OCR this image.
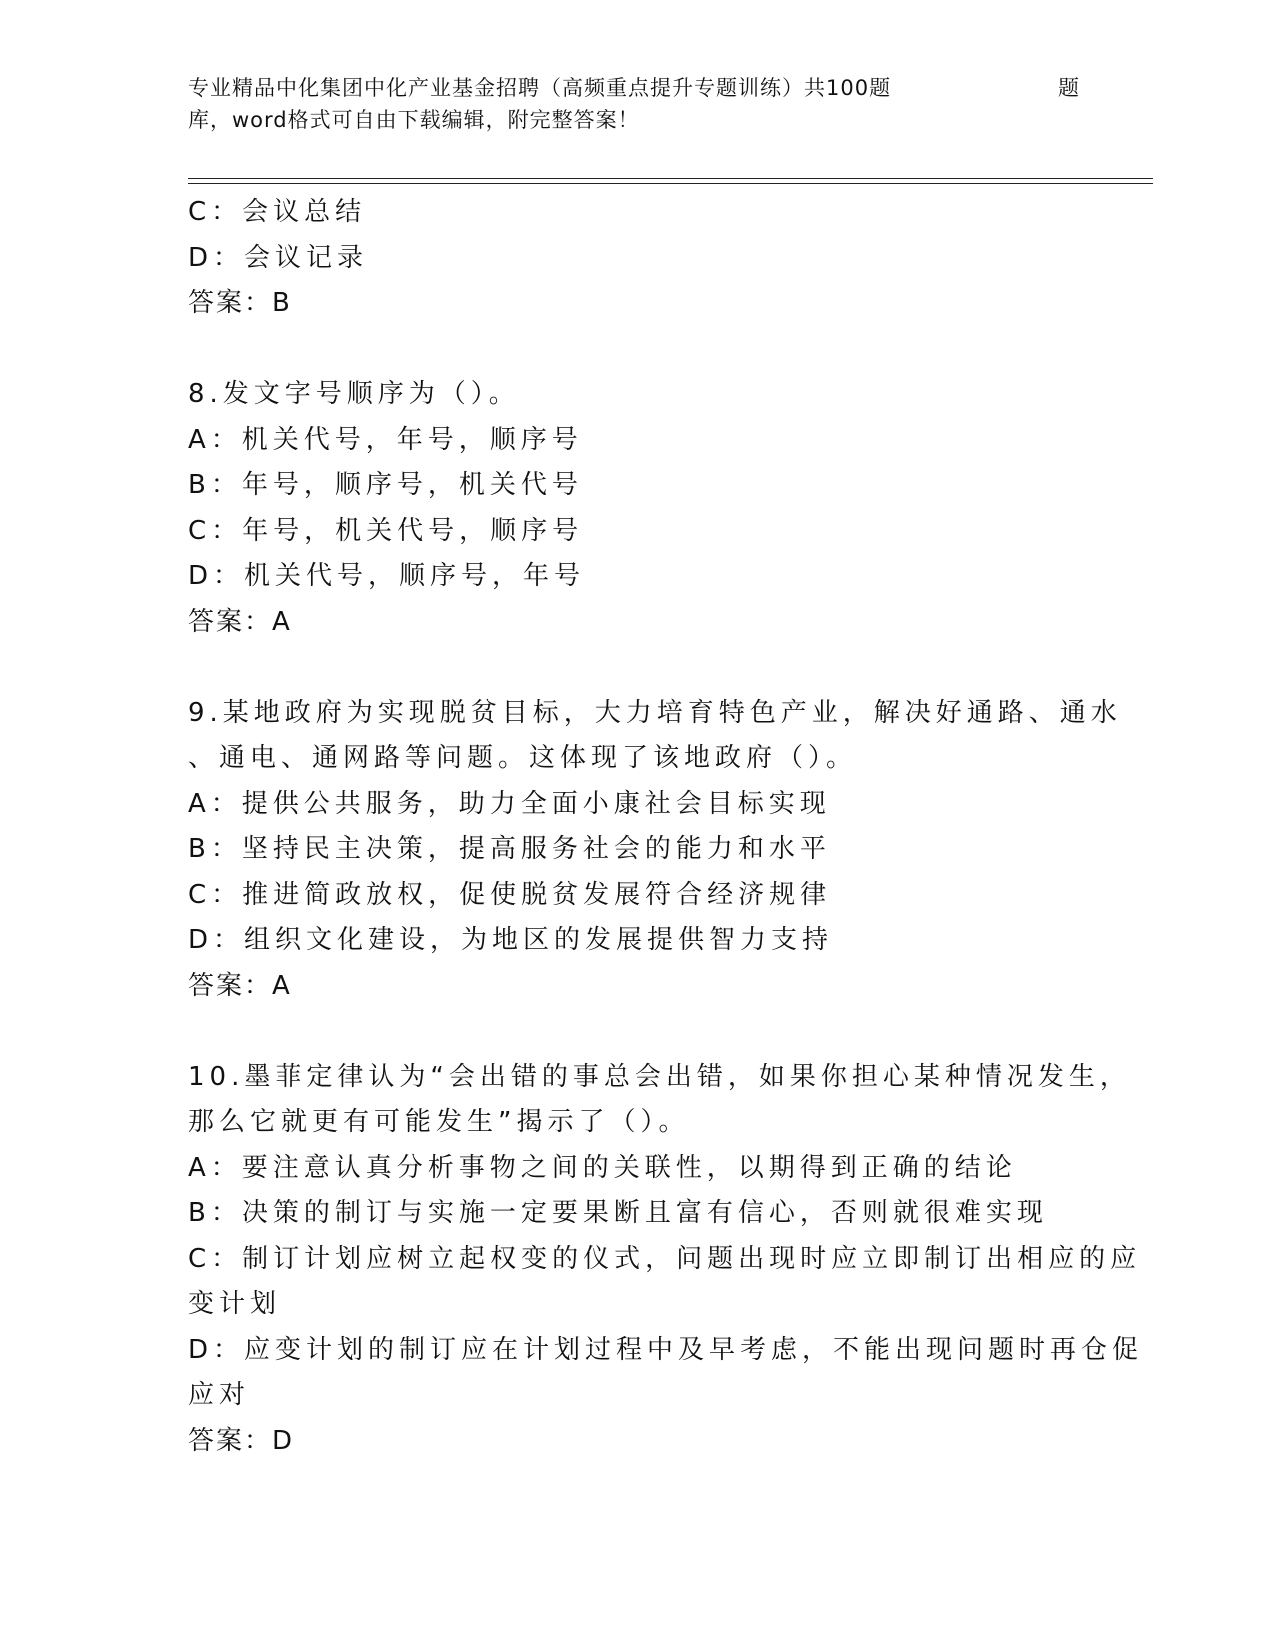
专业精品中化集团中化产业基金招聘（高频重点提升专题训练）共100题	题
库，word格式可自由下载编辑，附完整答案！
C：会议总结
D：会议记录
答案：B
8.发文字号顺序为（）。
A：机关代号，年号，顺序号
B：年号，顺序号，机关代号
C：年号，机关代号，顺序号
D：机关代号，顺序号，年号
答案：A
9.某地政府为实现脱贫目标，大力培育特色产业，解决好通路、通水
、通电、通网路等问题。这体现了该地政府（）。
A：提供公共服务，助力全面小康社会目标实现
B：坚持民主决策，提高服务社会的能力和水平
C：推进简政放权，促使脱贫发展符合经济规律
D：组织文化建设，为地区的发展提供智力支持
答案：A
10.墨菲定律认为“会出错的事总会出错，如果你担心某种情况发生，
那么它就更有可能发生”揭示了（）。
A：要注意认真分析事物之间的关联性，以期得到正确的结论
B：决策的制订与实施一定要果断且富有信心，否则就很难实现
C：制订计划应树立起权变的仪式，问题出现时应立即制订出相应的应
变计划
D：应变计划的制订应在计划过程中及早考虑，不能出现问题时再仓促
应对
答案：D
